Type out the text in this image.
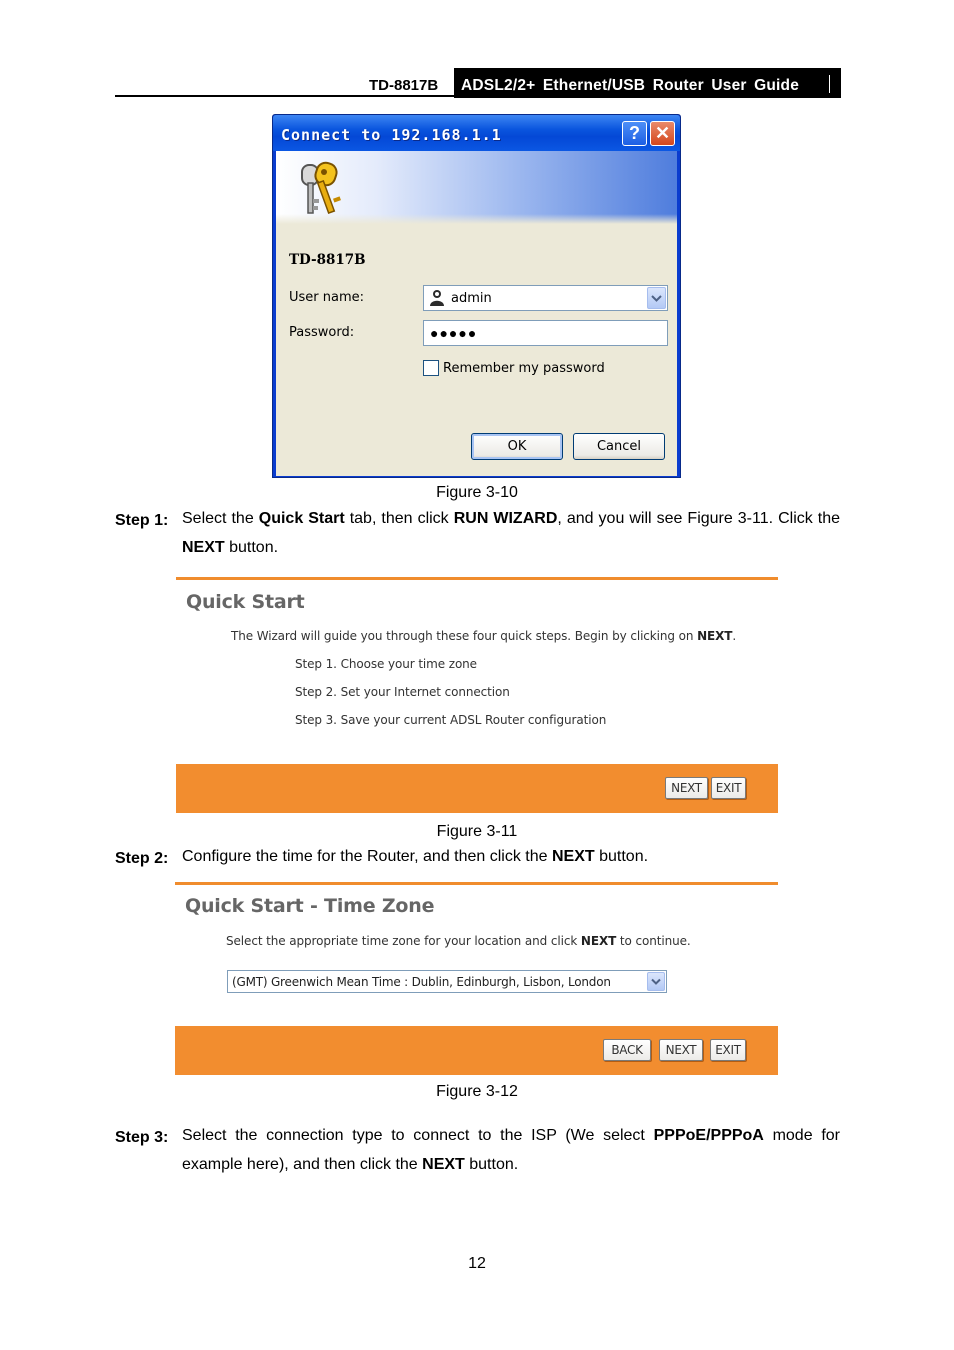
TD-8817B ADSL2/2+ Ethernet/USB Router User Guide
Connect to 192.168.1.1	? ✕
TD-8817B
User name:	admin
Password:	●●●●●
Remember my password
OK	Cancel
Figure 3-10
Step 1: Select the Quick Start tab, then click RUN WIZARD, and you will see Figure 3-11. Click the NEXT button.
Quick Start
The Wizard will guide you through these four quick steps. Begin by clicking on NEXT.
Step 1. Choose your time zone
Step 2. Set your Internet connection
Step 3. Save your current ADSL Router configuration
NEXT	EXIT
Figure 3-11
Step 2: Configure the time for the Router, and then click the NEXT button.
Quick Start - Time Zone
Select the appropriate time zone for your location and click NEXT to continue.
(GMT) Greenwich Mean Time : Dublin, Edinburgh, Lisbon, London
BACK	NEXT	EXIT
Figure 3-12
Step 3: Select the connection type to connect to the ISP (We select PPPoE/PPPoA mode for example here), and then click the NEXT button.
12
